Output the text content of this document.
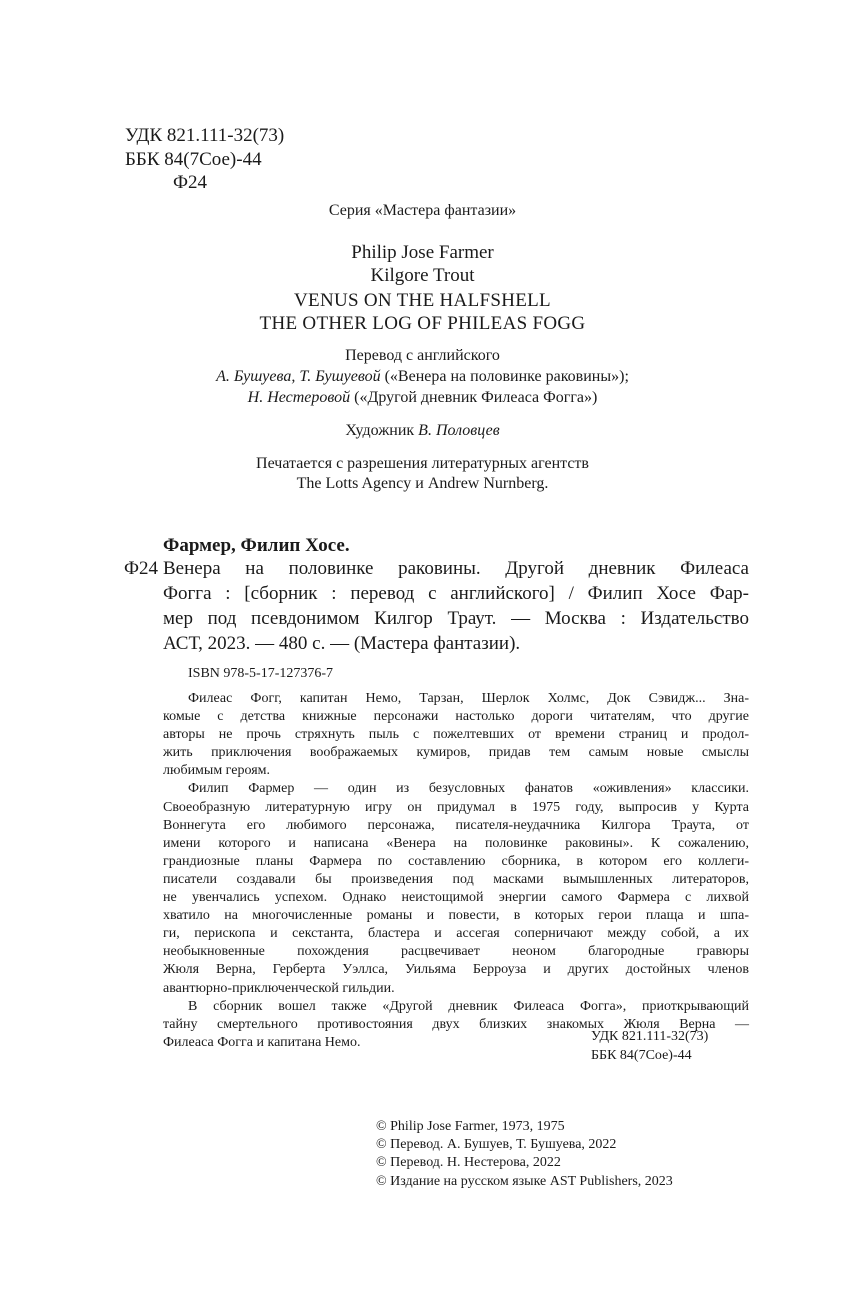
УДК 821.111-32(73)
ББК 84(7Сое)-44
Ф24
Серия «Мастера фантазии»
Philip Jose Farmer
Kilgore Trout
VENUS ON THE HALFSHELL
THE OTHER LOG OF PHILEAS FOGG
Перевод с английского
А. Бушуева, Т. Бушуевой («Венера на половинке раковины»);
Н. Нестеровой («Другой дневник Филеаса Фогга»)
Художник В. Половцев
Печатается с разрешения литературных агентств
The Lotts Agency и Andrew Nurnberg.
Фармер, Филип Хосе.
Ф24 Венера на половинке раковины. Другой дневник Филеаса
Фогга : [сборник : перевод с английского] / Филип Хосе Фар-
мер под псевдонимом Килгор Траут. — Москва : Издательство
АСТ, 2023. — 480 с. — (Мастера фантазии).
ISBN 978-5-17-127376-7
Филеас Фогг, капитан Немо, Тарзан, Шерлок Холмс, Док Сэвидж... Зна-
комые с детства книжные персонажи настолько дороги читателям, что другие
авторы не прочь стряхнуть пыль с пожелтевших от времени страниц и продол-
жить приключения воображаемых кумиров, придав тем самым новые смыслы
любимым героям.
Филип Фармер — один из безусловных фанатов «оживления» классики.
Своеобразную литературную игру он придумал в 1975 году, выпросив у Курта
Воннегута его любимого персонажа, писателя-неудачника Килгора Траута, от
имени которого и написана «Венера на половинке раковины». К сожалению,
грандиозные планы Фармера по составлению сборника, в котором его коллеги-
писатели создавали бы произведения под масками вымышленных литераторов,
не увенчались успехом. Однако неистощимой энергии самого Фармера с лихвой
хватило на многочисленные романы и повести, в которых герои плаща и шпа-
ги, перископа и секстанта, бластера и ассегая соперничают между собой, а их
необыкновенные похождения расцвечивает неоном благородные гравюры
Жюля Верна, Герберта Уэллса, Уильяма Берроуза и других достойных членов
авантюрно-приключенческой гильдии.
В сборник вошел также «Другой дневник Филеаса Фогга», приоткрывающий
тайну смертельного противостояния двух близких знакомых Жюля Верна —
Филеаса Фогга и капитана Немо.	УДК 821.111-32(73)
ББК 84(7Сое)-44
© Philip Jose Farmer, 1973, 1975
© Перевод. А. Бушуев, Т. Бушуева, 2022
© Перевод. Н. Нестерова, 2022
© Издание на русском языке AST Publishers, 2023
